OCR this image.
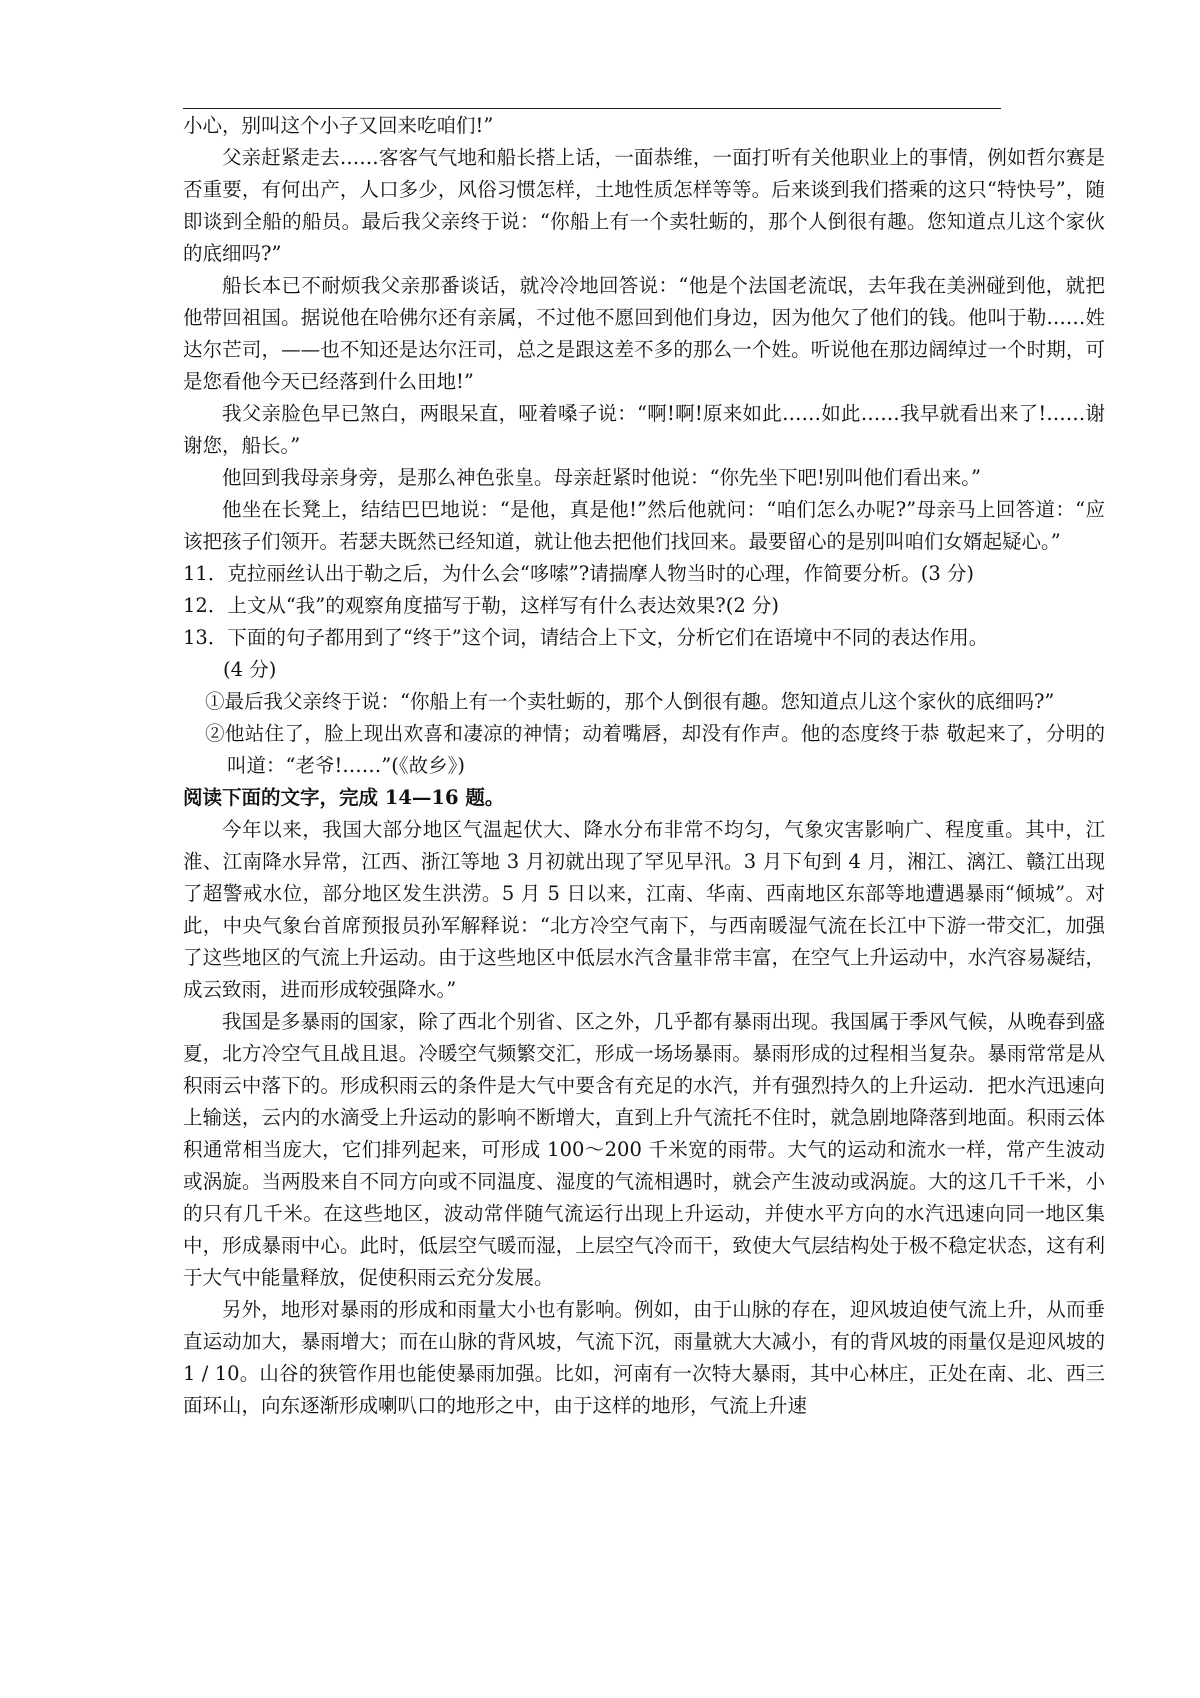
小心，别叫这个小子又回来吃咱们!”

父亲赶紧走去……客客气气地和船长搭上话，一面恭维，一面打听有关他职业上的事情，例如哲尔赛是否重要，有何出产，人口多少，风俗习惯怎样，土地性质怎样等等。后来谈到我们搭乘的这只“特快号”，随即谈到全船的船员。最后我父亲终于说：“你船上有一个卖牡蛎的，那个人倒很有趣。您知道点儿这个家伙的底细吗?”

船长本已不耐烦我父亲那番谈话，就冷冷地回答说：“他是个法国老流氓，去年我在美洲碰到他，就把他带回祖国。据说他在哈佛尔还有亲属，不过他不愿回到他们身边，因为他欠了他们的钱。他叫于勒……姓达尔芒司，——也不知还是达尔汪司，总之是跟这差不多的那么一个姓。听说他在那边阔绰过一个时期，可是您看他今天已经落到什么田地!”

我父亲脸色早已煞白，两眼呆直，哑着嗓子说：“啊!啊!原来如此……如此……我早就看出来了!……谢谢您，船长。”

他回到我母亲身旁，是那么神色张皇。母亲赶紧时他说：“你先坐下吧!别叫他们看出来。”

他坐在长凳上，结结巴巴地说：“是他，真是他!”然后他就问：“咱们怎么办呢?”母亲马上回答道：“应该把孩子们领开。若瑟夫既然已经知道，就让他去把他们找回来。最要留心的是别叫咱们女婿起疑心。”

11．克拉丽丝认出于勒之后，为什么会“哆嗦”?请揣摩人物当时的心理，作简要分析。(3 分)

12．上文从“我”的观察角度描写于勒，这样写有什么表达效果?(2 分)

13．下面的句子都用到了“终于”这个词，请结合上下文，分析它们在语境中不同的表达作用。

(4 分)

①最后我父亲终于说：“你船上有一个卖牡蛎的，那个人倒很有趣。您知道点儿这个家伙的底细吗?”

②他站住了，脸上现出欢喜和凄凉的神情；动着嘴唇，却没有作声。他的态度终于恭 敬起来了，分明的叫道：“老爷!……”(《故乡》)

阅读下面的文字，完成 14—16 题。

今年以来，我国大部分地区气温起伏大、降水分布非常不均匀，气象灾害影响广、程度重。其中，江淮、江南降水异常，江西、浙江等地 3 月初就出现了罕见早汛。3 月下旬到 4 月，湘江、漓江、赣江出现了超警戒水位，部分地区发生洪涝。5 月 5 日以来，江南、华南、西南地区东部等地遭遇暴雨“倾城”。对此，中央气象台首席预报员孙军解释说：“北方冷空气南下，与西南暖湿气流在长江中下游一带交汇，加强了这些地区的气流上升运动。由于这些地区中低层水汽含量非常丰富，在空气上升运动中，水汽容易凝结，成云致雨，进而形成较强降水。”

我国是多暴雨的国家，除了西北个别省、区之外，几乎都有暴雨出现。我国属于季风气候，从晚春到盛夏，北方冷空气且战且退。冷暖空气频繁交汇，形成一场场暴雨。暴雨形成的过程相当复杂。暴雨常常是从积雨云中落下的。形成积雨云的条件是大气中要含有充足的水汽，并有强烈持久的上升运动．把水汽迅速向上输送，云内的水滴受上升运动的影响不断增大，直到上升气流托不住时，就急剧地降落到地面。积雨云体积通常相当庞大，它们排列起来，可形成 100～200 千米宽的雨带。大气的运动和流水一样，常产生波动或涡旋。当两股来自不同方向或不同温度、湿度的气流相遇时，就会产生波动或涡旋。大的这几千千米，小的只有几千米。在这些地区，波动常伴随气流运行出现上升运动，并使水平方向的水汽迅速向同一地区集中，形成暴雨中心。此时，低层空气暖而湿，上层空气冷而干，致使大气层结构处于极不稳定状态，这有利于大气中能量释放，促使积雨云充分发展。

另外，地形对暴雨的形成和雨量大小也有影响。例如，由于山脉的存在，迎风坡迫使气流上升，从而垂直运动加大，暴雨增大；而在山脉的背风坡，气流下沉，雨量就大大减小，有的背风坡的雨量仅是迎风坡的 1 / 10。山谷的狭管作用也能使暴雨加强。比如，河南有一次特大暴雨，其中心林庄，正处在南、北、西三面环山，向东逐渐形成喇叭口的地形之中，由于这样的地形，气流上升速
